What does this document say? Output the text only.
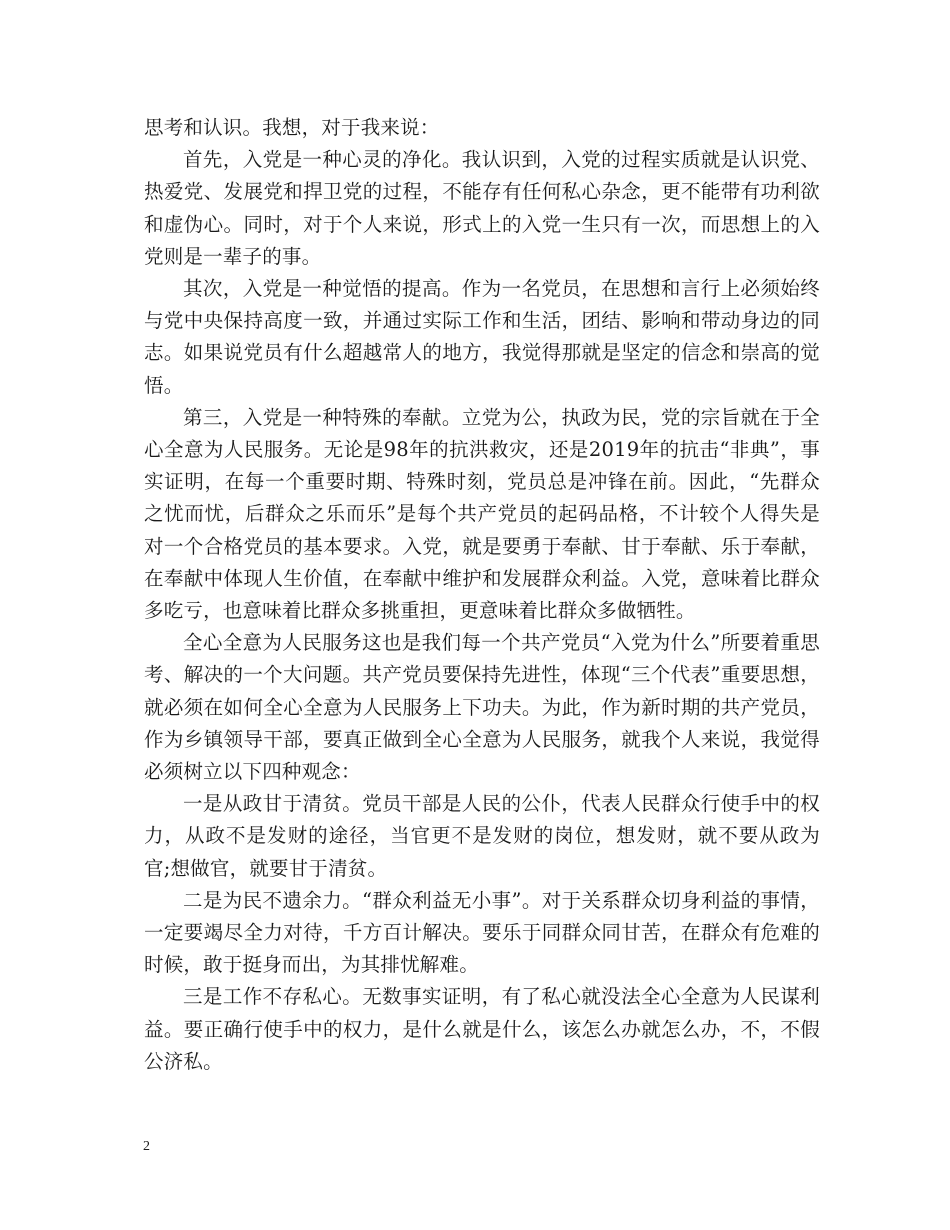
思考和认识。我想，对于我来说：

首先，入党是一种心灵的净化。我认识到，入党的过程实质就是认识党、热爱党、发展党和捍卫党的过程，不能存有任何私心杂念，更不能带有功利欲和虚伪心。同时，对于个人来说，形式上的入党一生只有一次，而思想上的入党则是一辈子的事。

其次，入党是一种觉悟的提高。作为一名党员，在思想和言行上必须始终与党中央保持高度一致，并通过实际工作和生活，团结、影响和带动身边的同志。如果说党员有什么超越常人的地方，我觉得那就是坚定的信念和崇高的觉悟。

第三，入党是一种特殊的奉献。立党为公，执政为民，党的宗旨就在于全心全意为人民服务。无论是98年的抗洪救灾，还是2019年的抗击“非典”，事实证明，在每一个重要时期、特殊时刻，党员总是冲锋在前。因此，“先群众之忧而忧，后群众之乐而乐”是每个共产党员的起码品格，不计较个人得失是对一个合格党员的基本要求。入党，就是要勇于奉献、甘于奉献、乐于奉献，在奉献中体现人生价值，在奉献中维护和发展群众利益。入党，意味着比群众多吃亏，也意味着比群众多挑重担，更意味着比群众多做牺牲。

全心全意为人民服务这也是我们每一个共产党员“入党为什么”所要着重思考、解决的一个大问题。共产党员要保持先进性，体现“三个代表”重要思想，就必须在如何全心全意为人民服务上下功夫。为此，作为新时期的共产党员，作为乡镇领导干部，要真正做到全心全意为人民服务，就我个人来说，我觉得必须树立以下四种观念：

一是从政甘于清贫。党员干部是人民的公仆，代表人民群众行使手中的权力，从政不是发财的途径，当官更不是发财的岗位，想发财，就不要从政为官;想做官，就要甘于清贫。

二是为民不遗余力。“群众利益无小事”。对于关系群众切身利益的事情，一定要竭尽全力对待，千方百计解决。要乐于同群众同甘苦，在群众有危难的时候，敢于挺身而出，为其排忧解难。

三是工作不存私心。无数事实证明，有了私心就没法全心全意为人民谋利益。要正确行使手中的权力，是什么就是什么，该怎么办就怎么办，不，不假公济私。

2
